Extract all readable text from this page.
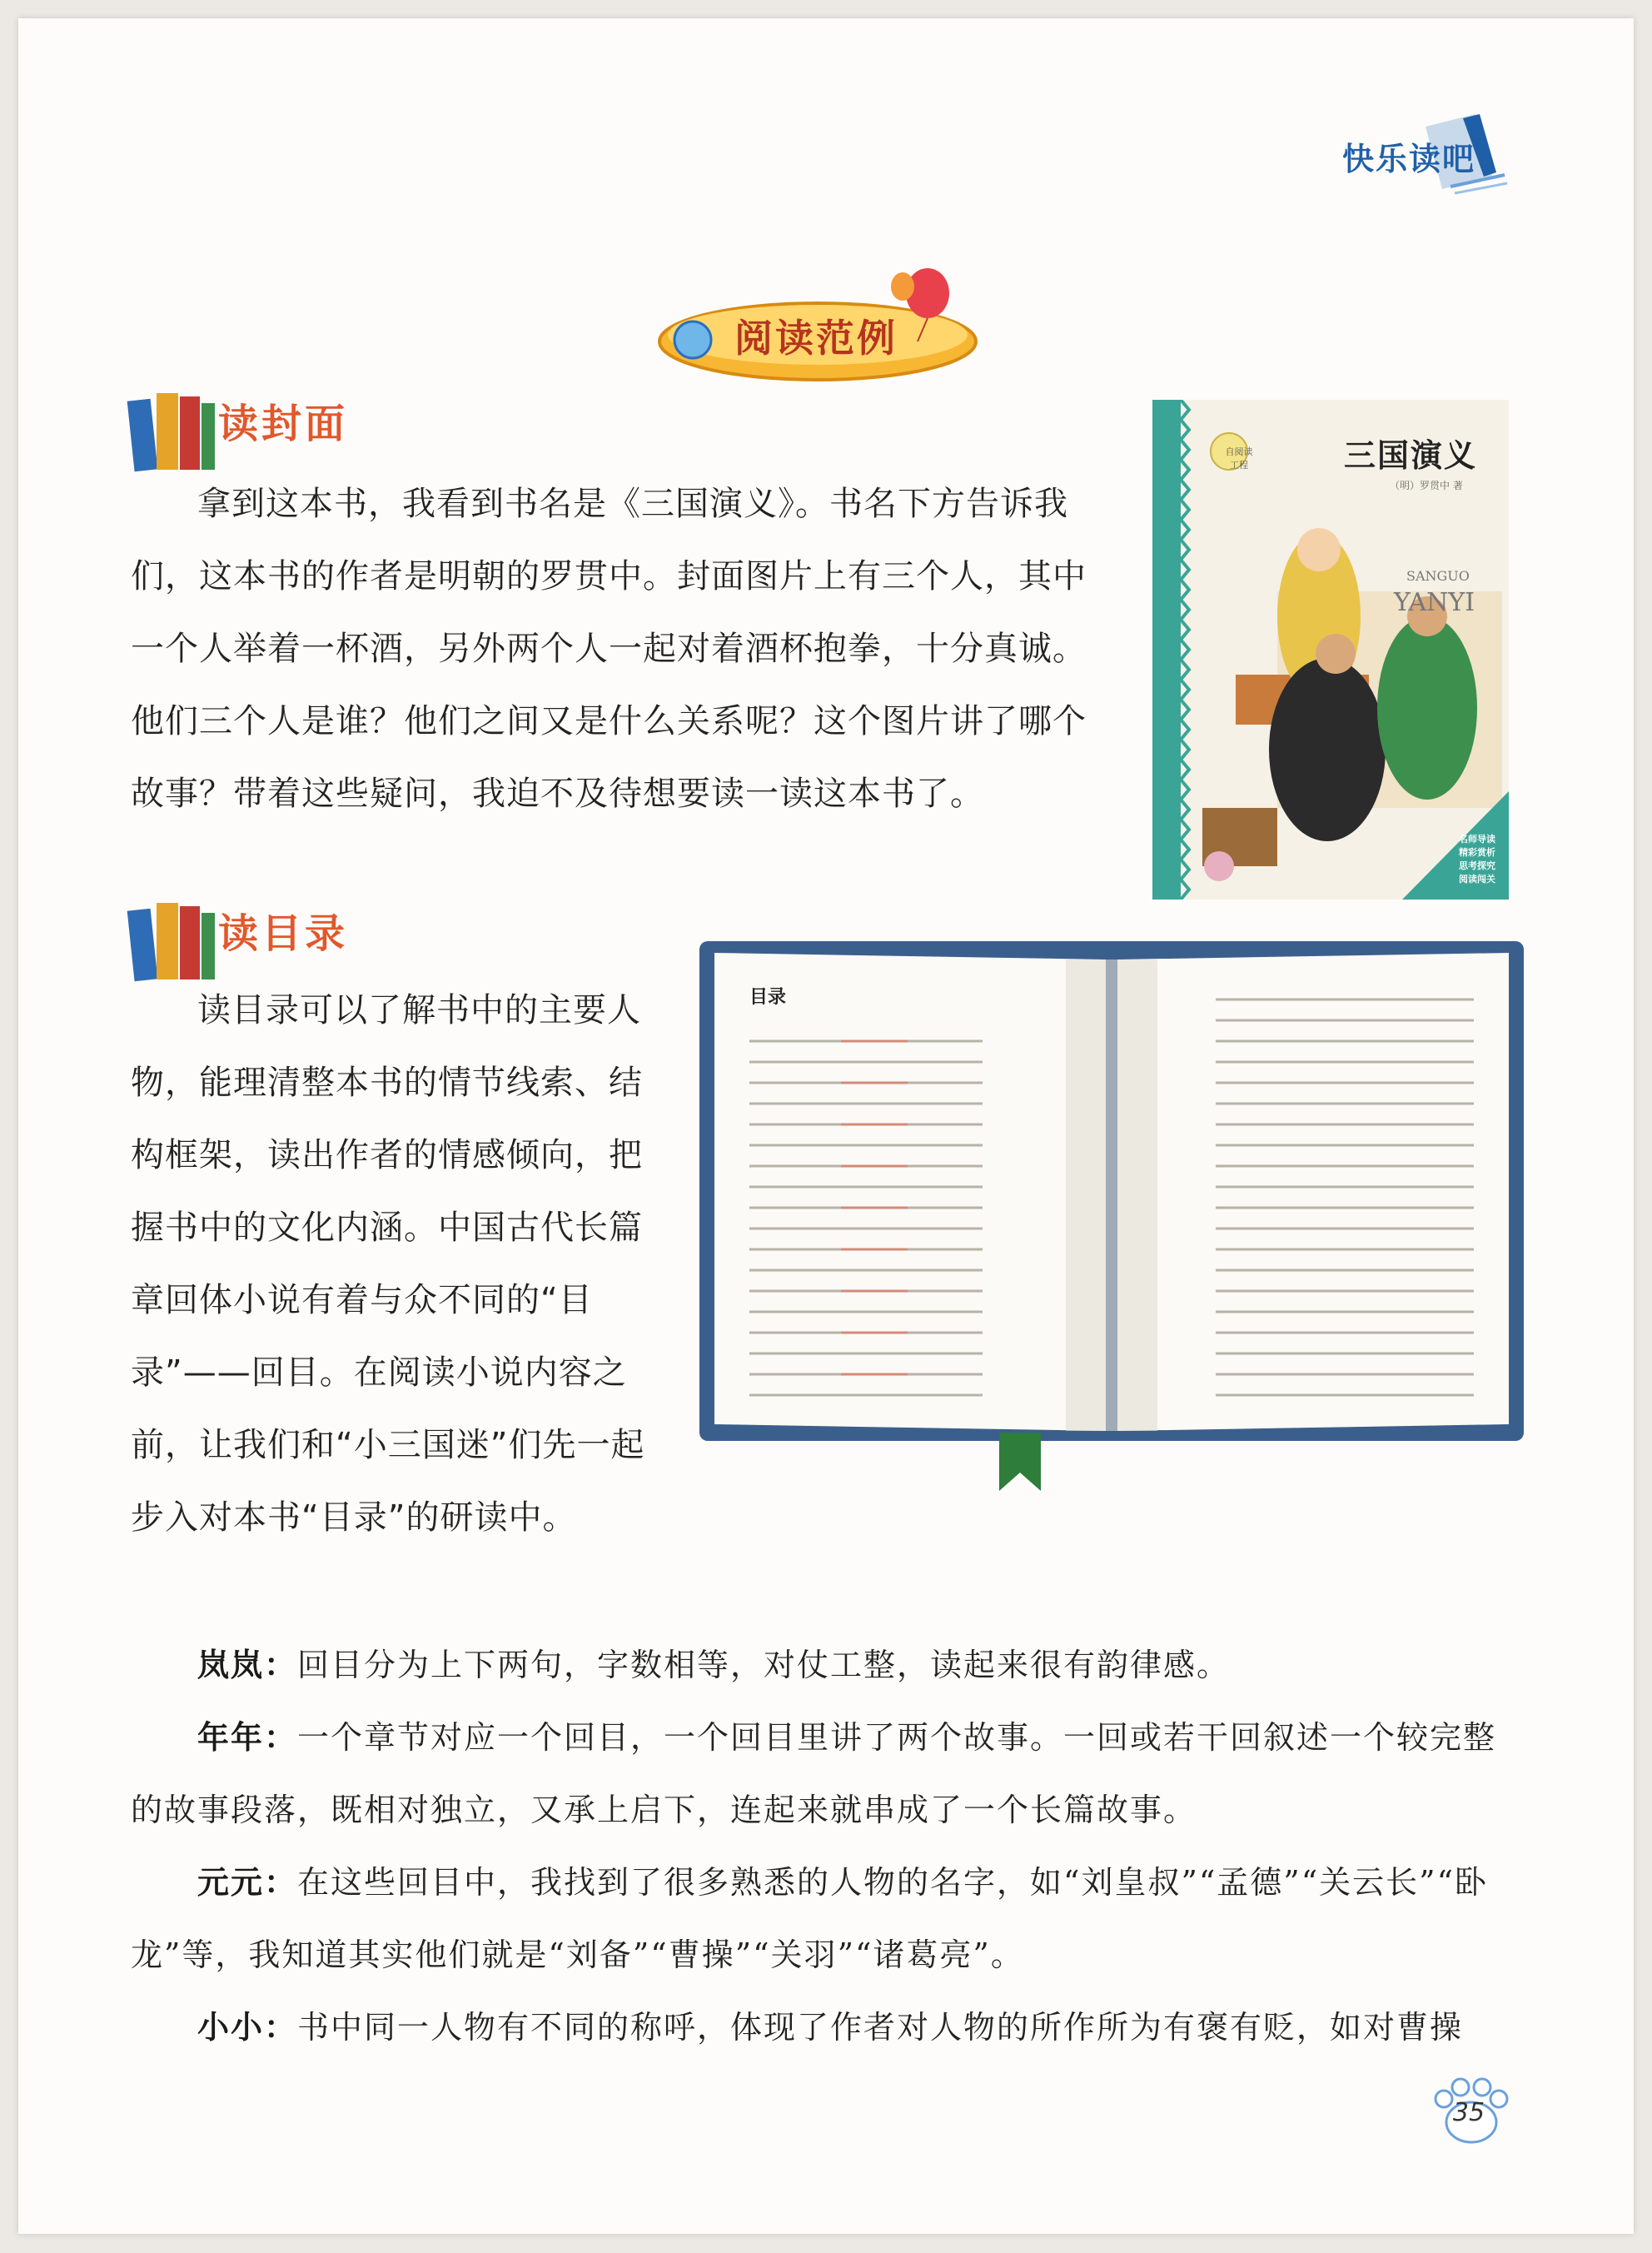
快乐读吧
阅读范例
读封面

拿到这本书，我看到书名是《三国演义》。书名下方告诉我们，这本书的作者是明朝的罗贯中。封面图片上有三个人，其中一个人举着一杯酒，另外两个人一起对着酒杯抱拳，十分真诚。他们三个人是谁？他们之间又是什么关系呢？这个图片讲了哪个故事？带着这些疑问，我迫不及待想要读一读这本书了。

自阅读工程	三国演义
（明）罗贯中 著
SANGUO
YANYI
名师导读
精彩赏析
思考探究
阅读闯关
读目录

读目录可以了解书中的主要人物，能理清整本书的情节线索、结构框架，读出作者的情感倾向，把握书中的文化内涵。中国古代长篇章回体小说有着与众不同的“目录”——回目。在阅读小说内容之前，让我们和“小三国迷”们先一起步入对本书“目录”的研读中。

目录

岚岚：回目分为上下两句，字数相等，对仗工整，读起来很有韵律感。

年年：一个章节对应一个回目，一个回目里讲了两个故事。一回或若干回叙述一个较完整的故事段落，既相对独立，又承上启下，连起来就串成了一个长篇故事。

元元：在这些回目中，我找到了很多熟悉的人物的名字，如“刘皇叔”“孟德”“关云长”“卧龙”等，我知道其实他们就是“刘备”“曹操”“关羽”“诸葛亮”。

小小：书中同一人物有不同的称呼，体现了作者对人物的所作所为有褒有贬，如对曹操

35
